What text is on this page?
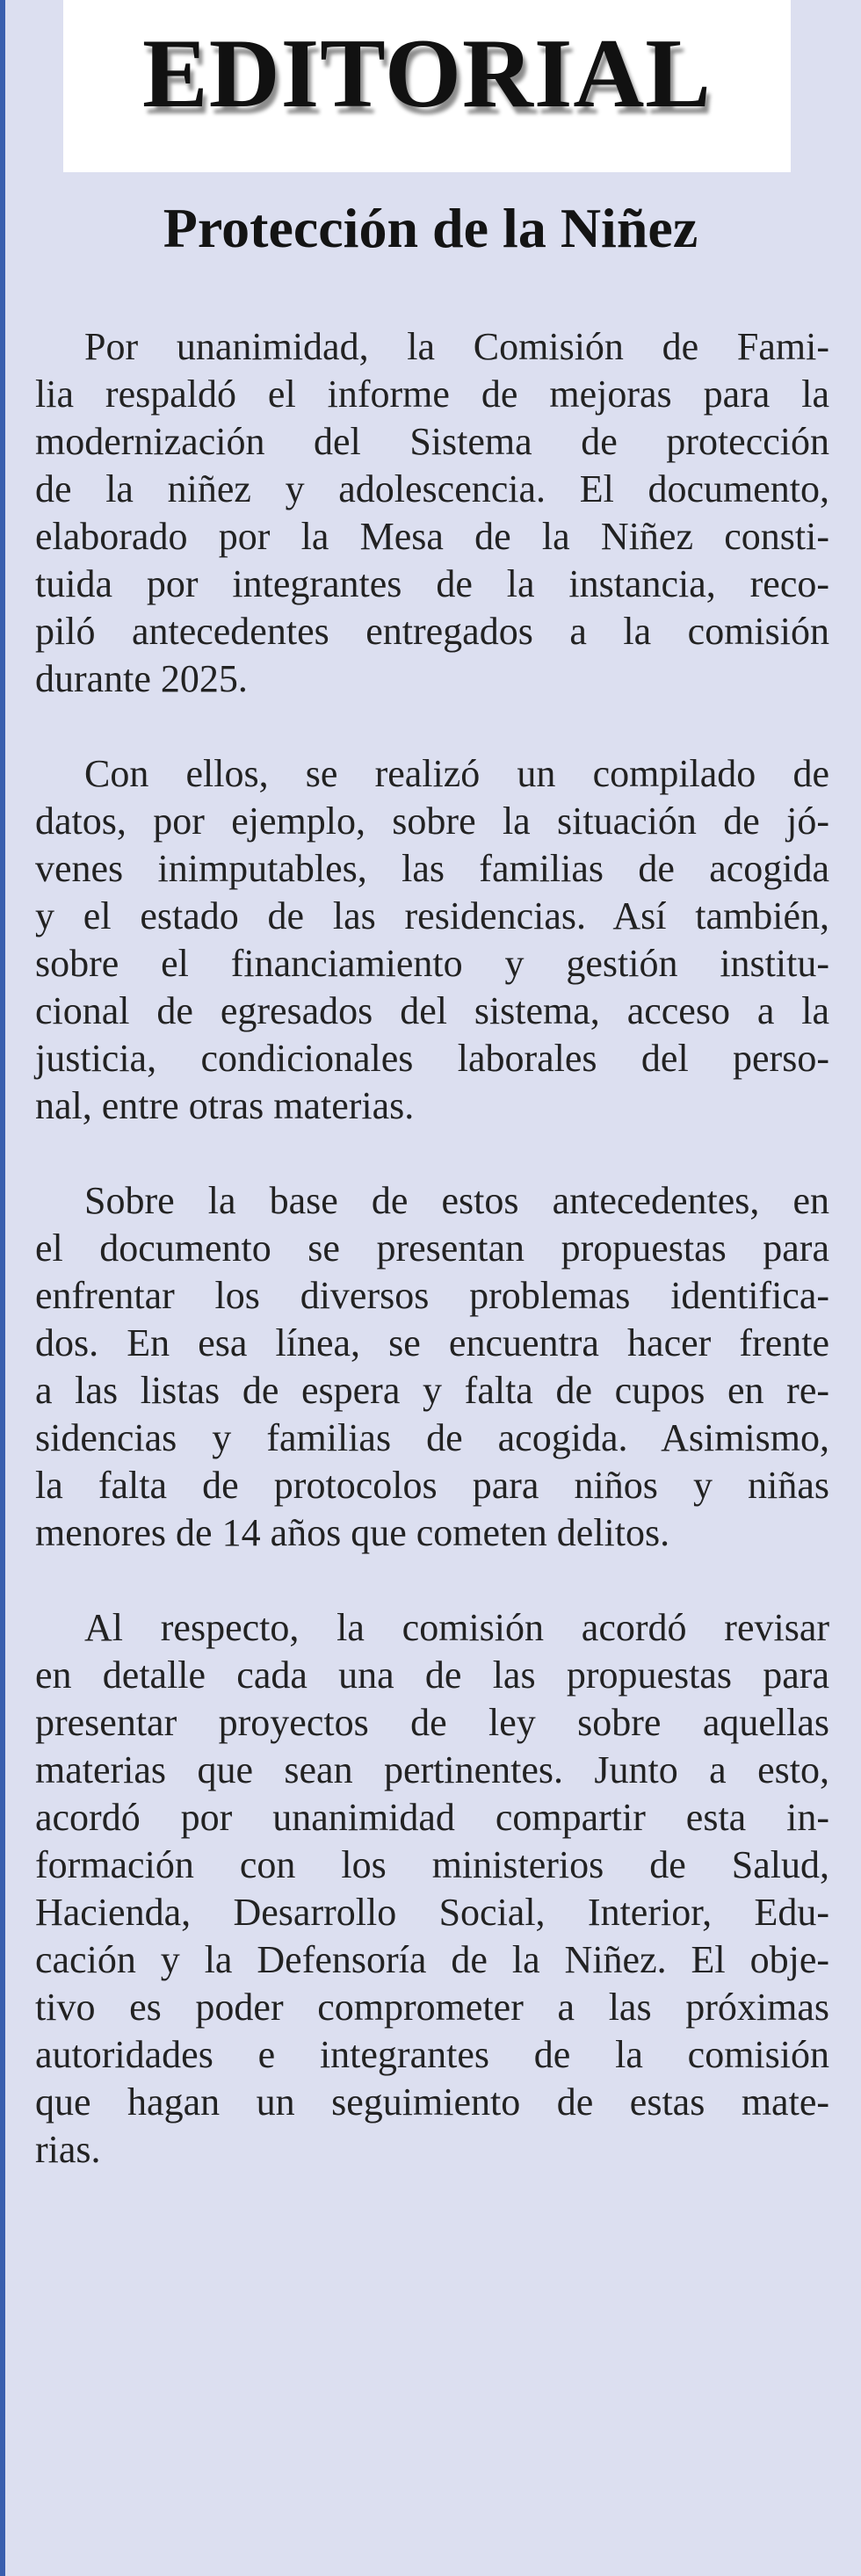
EDITORIAL
Protección de la Niñez

Por unanimidad, la Comisión de Fami-
lia respaldó el informe de mejoras para la
modernización del Sistema de protección
de la niñez y adolescencia. El documento,
elaborado por la Mesa de la Niñez consti-
tuida por integrantes de la instancia, reco-
piló antecedentes entregados a la comisión
durante 2025.

Con ellos, se realizó un compilado de
datos, por ejemplo, sobre la situación de jó-
venes inimputables, las familias de acogida
y el estado de las residencias. Así también,
sobre el financiamiento y gestión institu-
cional de egresados del sistema, acceso a la
justicia, condicionales laborales del perso-
nal, entre otras materias.

Sobre la base de estos antecedentes, en
el documento se presentan propuestas para
enfrentar los diversos problemas identifica-
dos. En esa línea, se encuentra hacer frente
a las listas de espera y falta de cupos en re-
sidencias y familias de acogida. Asimismo,
la falta de protocolos para niños y niñas
menores de 14 años que cometen delitos.

Al respecto, la comisión acordó revisar
en detalle cada una de las propuestas para
presentar proyectos de ley sobre aquellas
materias que sean pertinentes. Junto a esto,
acordó por unanimidad compartir esta in-
formación con los ministerios de Salud,
Hacienda, Desarrollo Social, Interior, Edu-
cación y la Defensoría de la Niñez. El obje-
tivo es poder comprometer a las próximas
autoridades e integrantes de la comisión
que hagan un seguimiento de estas mate-
rias.
